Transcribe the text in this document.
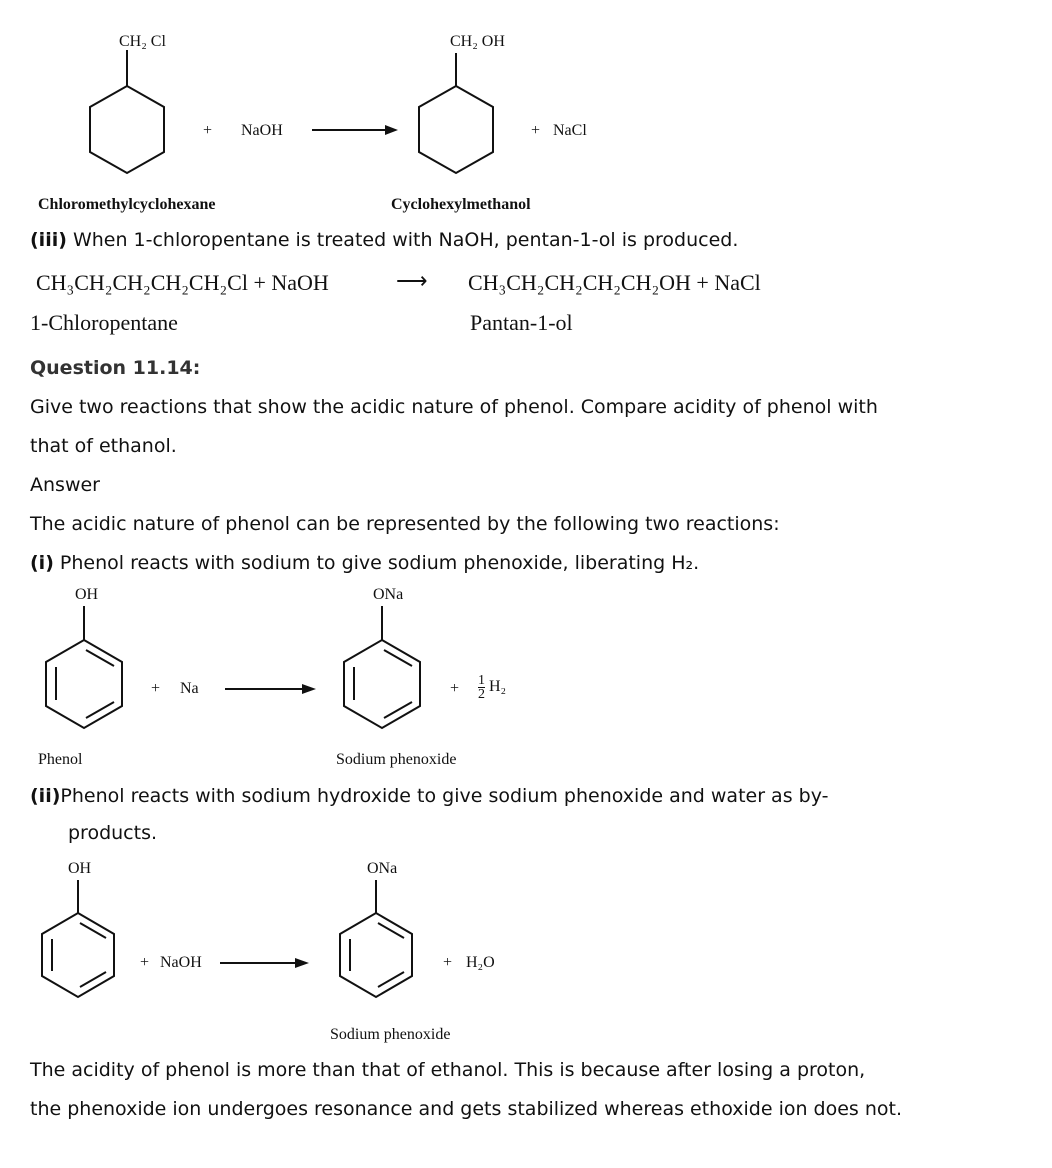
CH₂ Cl
+ NaOH
CH₂ OH
+ NaCl
Chloromethylcyclohexane	Cyclohexylmethanol
(iii) When 1-chloropentane is treated with NaOH, pentan-1-ol is produced.
CH₃CH₂CH₂CH₂CH₂Cl + NaOH	⟶ CH₃CH₂CH₂CH₂CH₂OH + NaCl
1-Chloropentane	Pantan-1-ol
Question 11.14:
Give two reactions that show the acidic nature of phenol. Compare acidity of phenol with
that of ethanol.
Answer
The acidic nature of phenol can be represented by the following two reactions:
(i) Phenol reacts with sodium to give sodium phenoxide, liberating H₂.
OH
+ Na
ONa
+ $\frac{1}{2} H_2$
Phenol	Sodium phenoxide
(ii)Phenol reacts with sodium hydroxide to give sodium phenoxide and water as by-
products.
OH
+ NaOH
ONa
+ H₂O
Sodium phenoxide
The acidity of phenol is more than that of ethanol. This is because after losing a proton,
the phenoxide ion undergoes resonance and gets stabilized whereas ethoxide ion does not.
